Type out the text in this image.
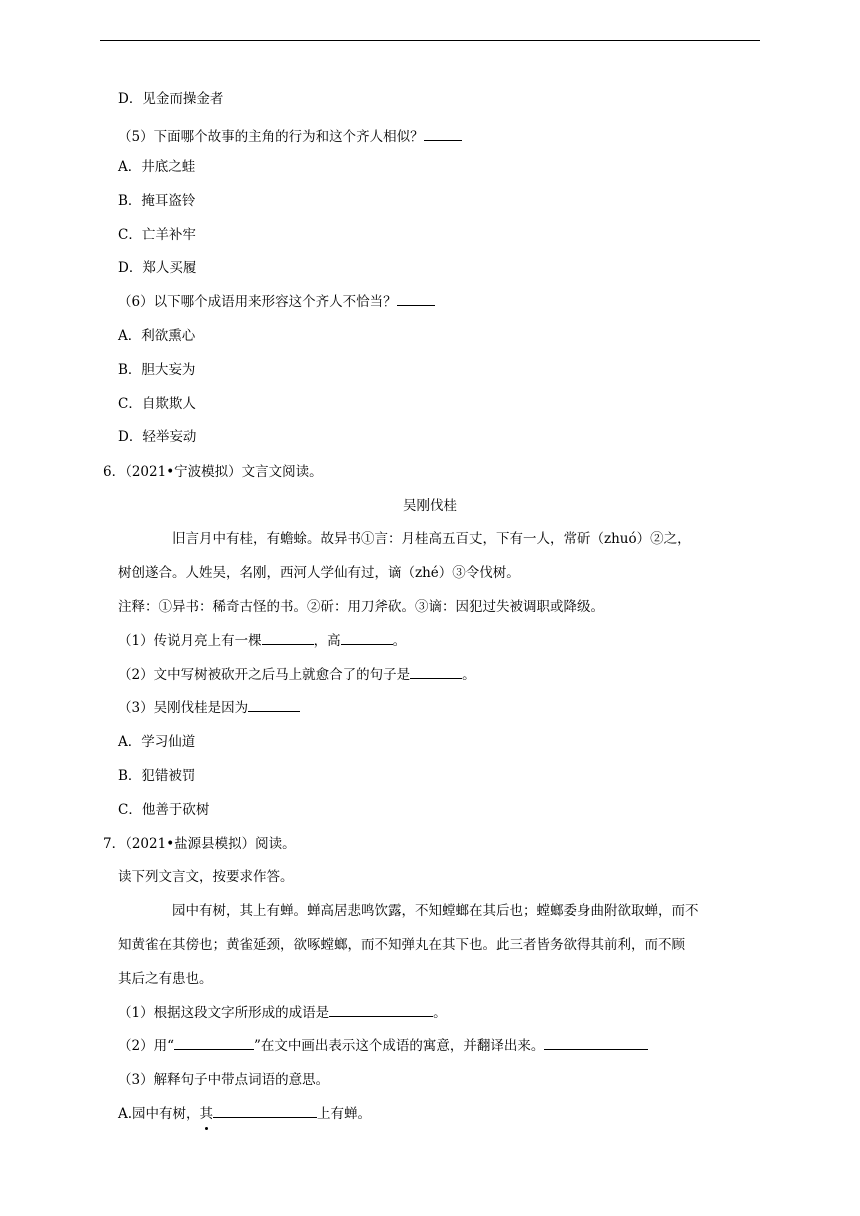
D．见金而操金者
（5）下面哪个故事的主角的行为和这个齐人相似？
A．井底之蛙
B．掩耳盗铃
C．亡羊补牢
D．郑人买履
（6）以下哪个成语用来形容这个齐人不恰当？
A．利欲熏心
B．胆大妄为
C．自欺欺人
D．轻举妄动
6．（2021•宁波模拟）文言文阅读。
吴刚伐桂
旧言月中有桂，有蟾蜍。故异书①言：月桂高五百丈，下有一人，常斫（zhuó）②之，
树创遂合。人姓吴，名刚，西河人学仙有过，谪（zhé）③令伐树。
注释：①异书：稀奇古怪的书。②斫：用刀斧砍。③谪：因犯过失被调职或降级。
（1）传说月亮上有一棵	，高	。
（2）文中写树被砍开之后马上就愈合了的句子是	。
（3）吴刚伐桂是因为
A．学习仙道
B．犯错被罚
C．他善于砍树
7．（2021•盐源县模拟）阅读。
读下列文言文，按要求作答。
园中有树，其上有蝉。蝉高居悲鸣饮露，不知螳螂在其后也；螳螂委身曲附欲取蝉，而不
知黄雀在其傍也；黄雀延颈，欲啄螳螂，而不知弹丸在其下也。此三者皆务欲得其前利，而不顾
其后之有患也。
（1）根据这段文字所形成的成语是	。
（2）用“	”在文中画出表示这个成语的寓意，并翻译出来。
（3）解释句子中带点词语的意思。
A.园中有树，其	上有蝉。
